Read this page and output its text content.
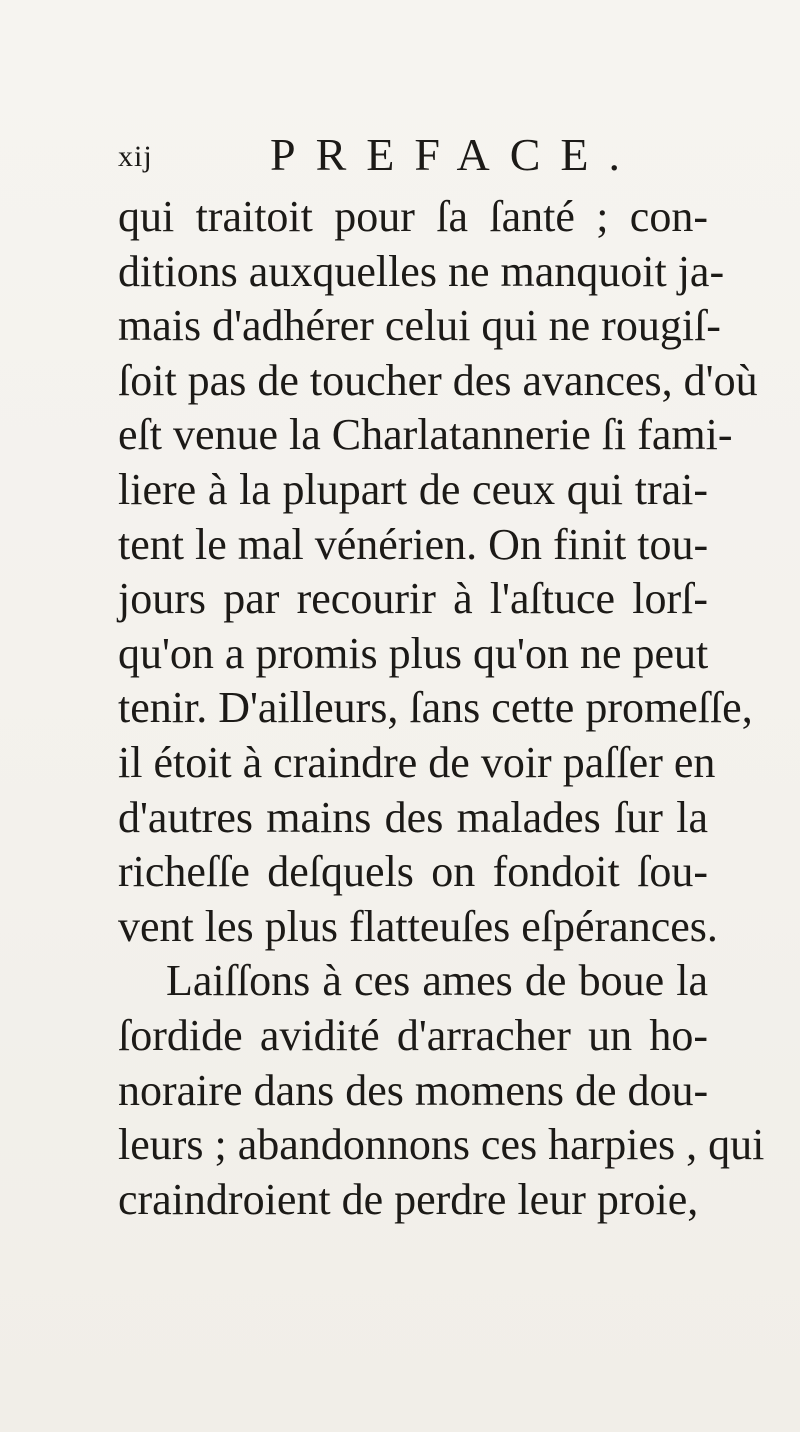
xij	PREFACE.
qui traitoit pour ſa ſanté ; con-
ditions auxquelles ne manquoit ja-
mais d'adhérer celui qui ne rougiſ-
ſoit pas de toucher des avances, d'où
eſt venue la Charlatannerie ſi fami-
liere à la plupart de ceux qui trai-
tent le mal vénérien. On finit tou-
jours par recourir à l'aſtuce lorſ-
qu'on a promis plus qu'on ne peut
tenir. D'ailleurs, ſans cette promeſſe,
il étoit à craindre de voir paſſer en
d'autres mains des malades ſur la
richeſſe deſquels on fondoit ſou-
vent les plus flatteuſes eſpérances.
Laiſſons à ces ames de boue la
ſordide avidité d'arracher un ho-
noraire dans des momens de dou-
leurs ; abandonnons ces harpies , qui
craindroient de perdre leur proie,
